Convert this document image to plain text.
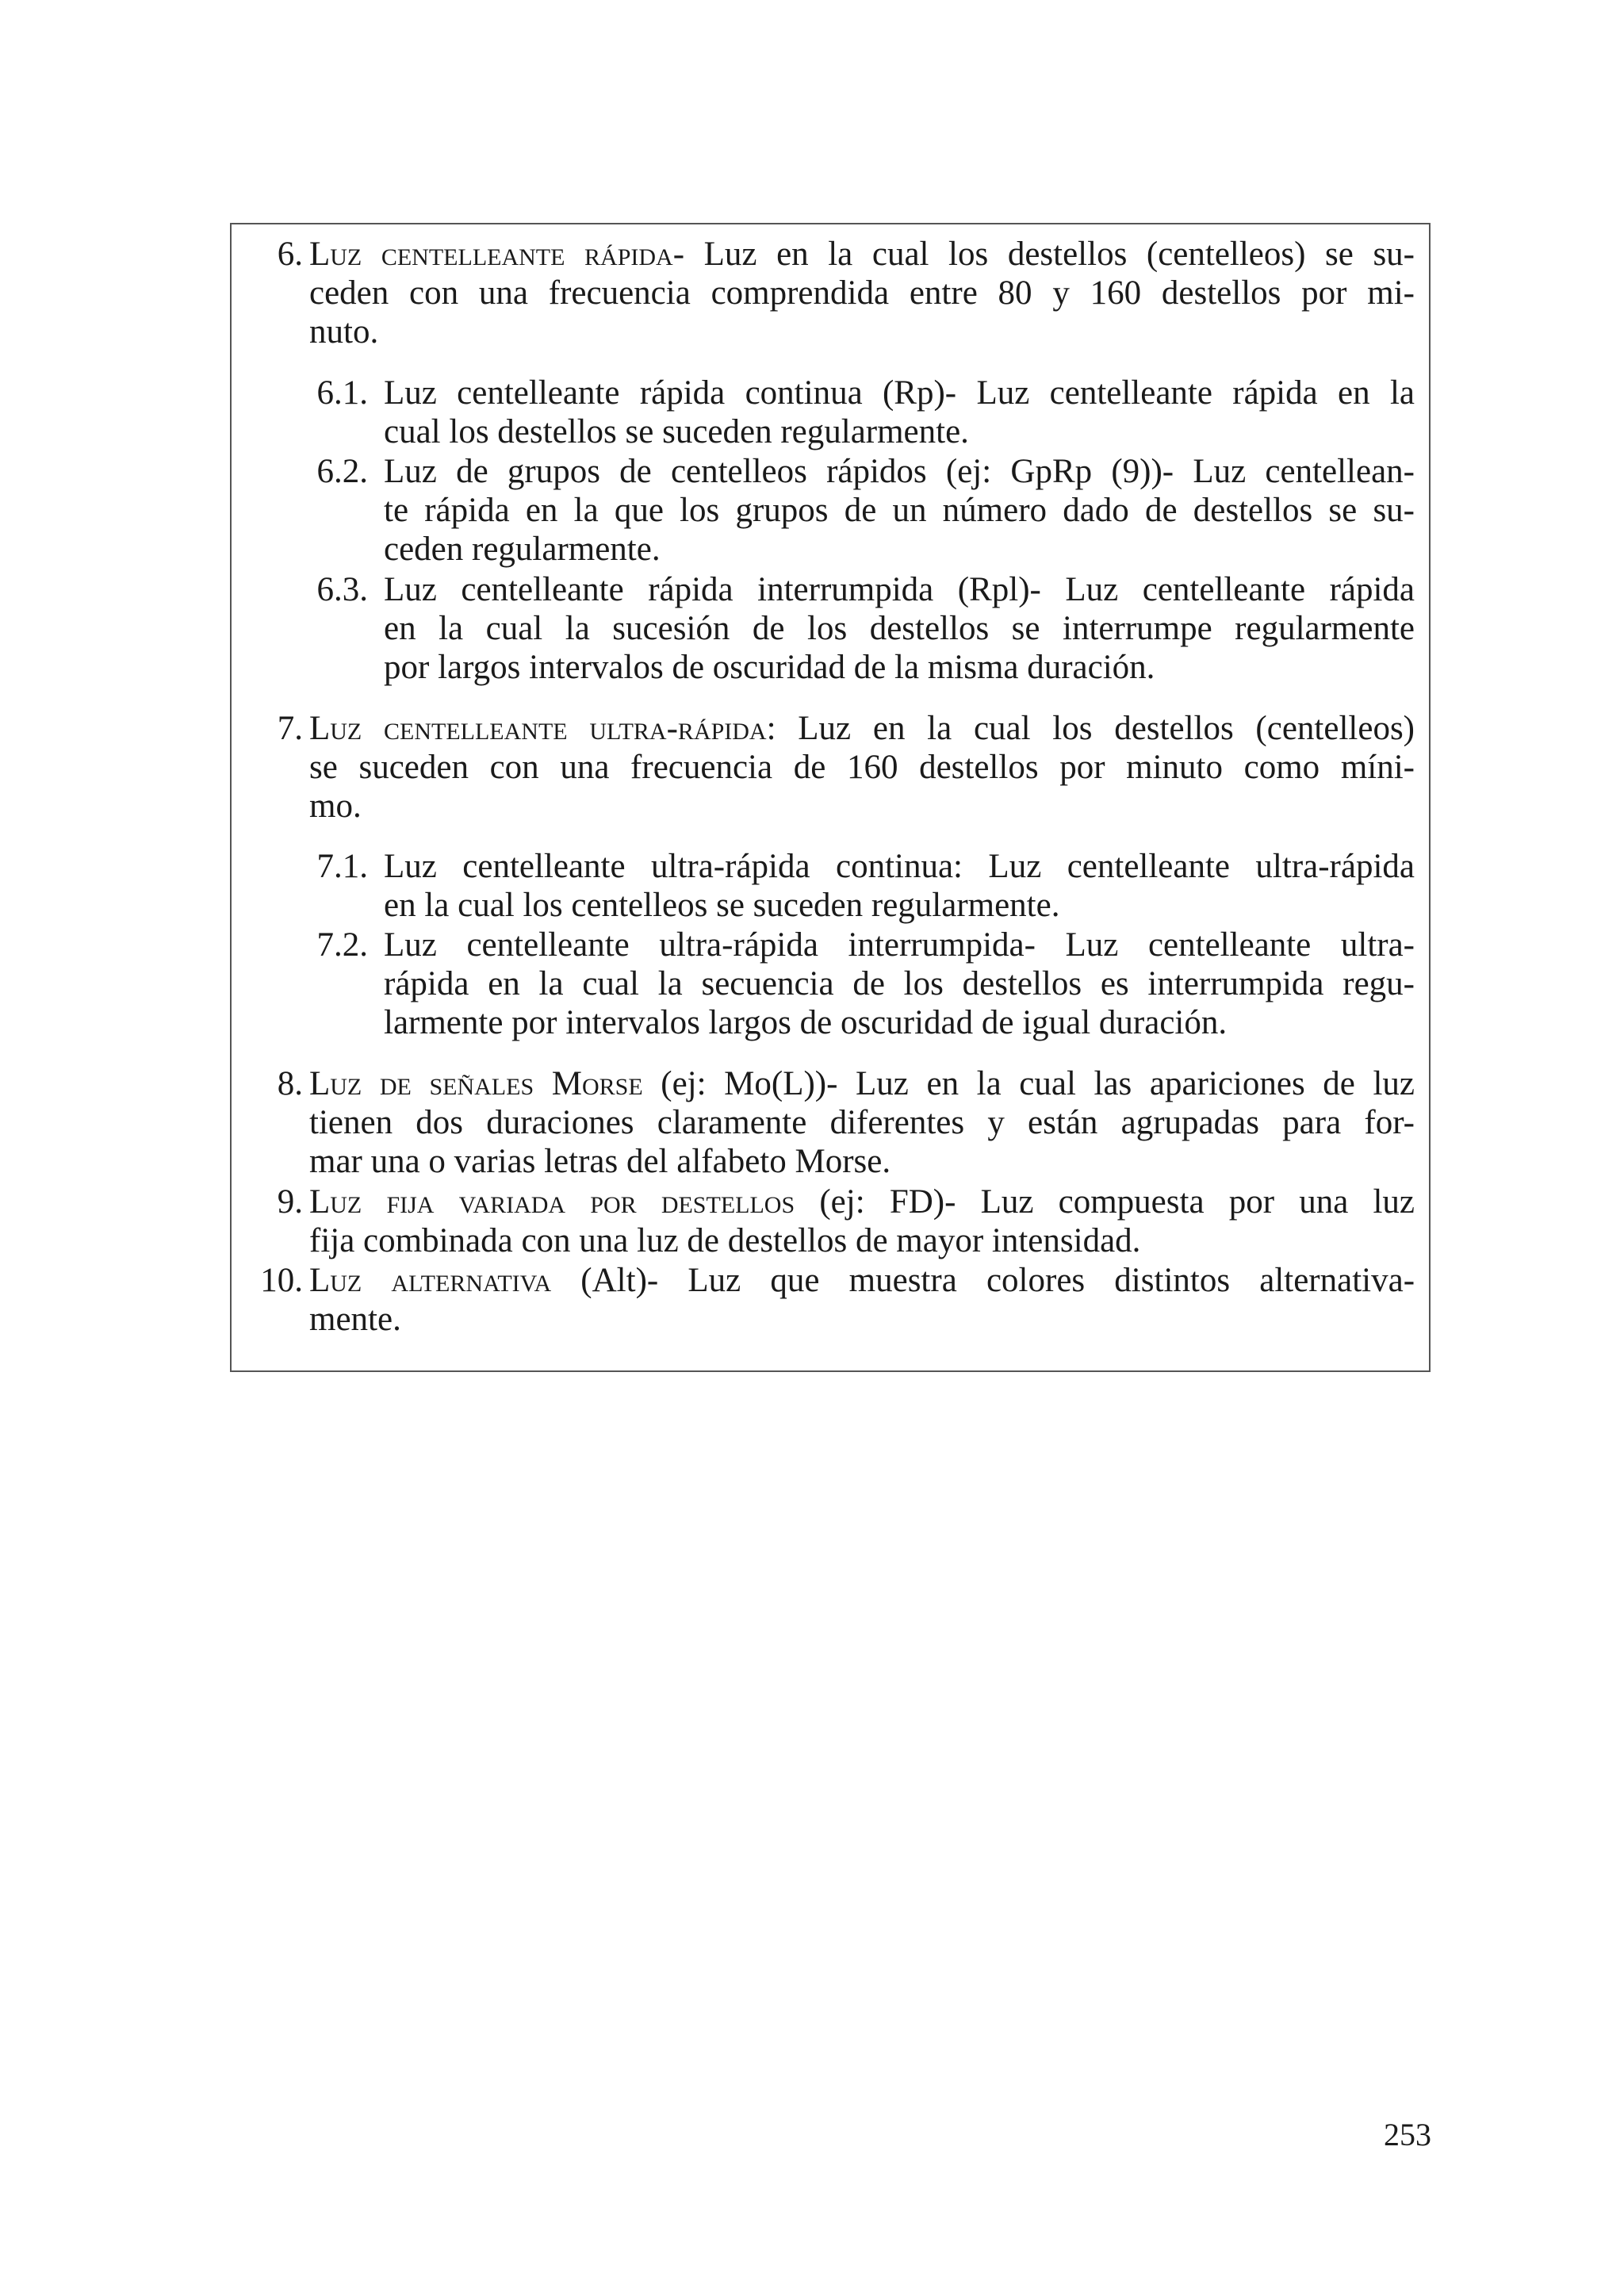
6. Luz centelleante rápida- Luz en la cual los destellos (centelleos) se su-
ceden con una frecuencia comprendida entre 80 y 160 destellos por mi-
nuto.
6.1. Luz centelleante rápida continua (Rp)- Luz centelleante rápida en la
cual los destellos se suceden regularmente.
6.2. Luz de grupos de centelleos rápidos (ej: GpRp (9))- Luz centellean-
te rápida en la que los grupos de un número dado de destellos se su-
ceden regularmente.
6.3. Luz centelleante rápida interrumpida (Rpl)- Luz centelleante rápida
en la cual la sucesión de los destellos se interrumpe regularmente
por largos intervalos de oscuridad de la misma duración.
7. Luz centelleante ultra-rápida: Luz en la cual los destellos (centelleos)
se suceden con una frecuencia de 160 destellos por minuto como míni-
mo.
7.1. Luz centelleante ultra-rápida continua: Luz centelleante ultra-rápida
en la cual los centelleos se suceden regularmente.
7.2. Luz centelleante ultra-rápida interrumpida- Luz centelleante ultra-
rápida en la cual la secuencia de los destellos es interrumpida regu-
larmente por intervalos largos de oscuridad de igual duración.
8. Luz de señales Morse (ej: Mo(L))- Luz en la cual las apariciones de luz
tienen dos duraciones claramente diferentes y están agrupadas para for-
mar una o varias letras del alfabeto Morse.
9. Luz fija variada por destellos (ej: FD)- Luz compuesta por una luz
fija combinada con una luz de destellos de mayor intensidad.
10. Luz alternativa (Alt)- Luz que muestra colores distintos alternativa-
mente.
253
